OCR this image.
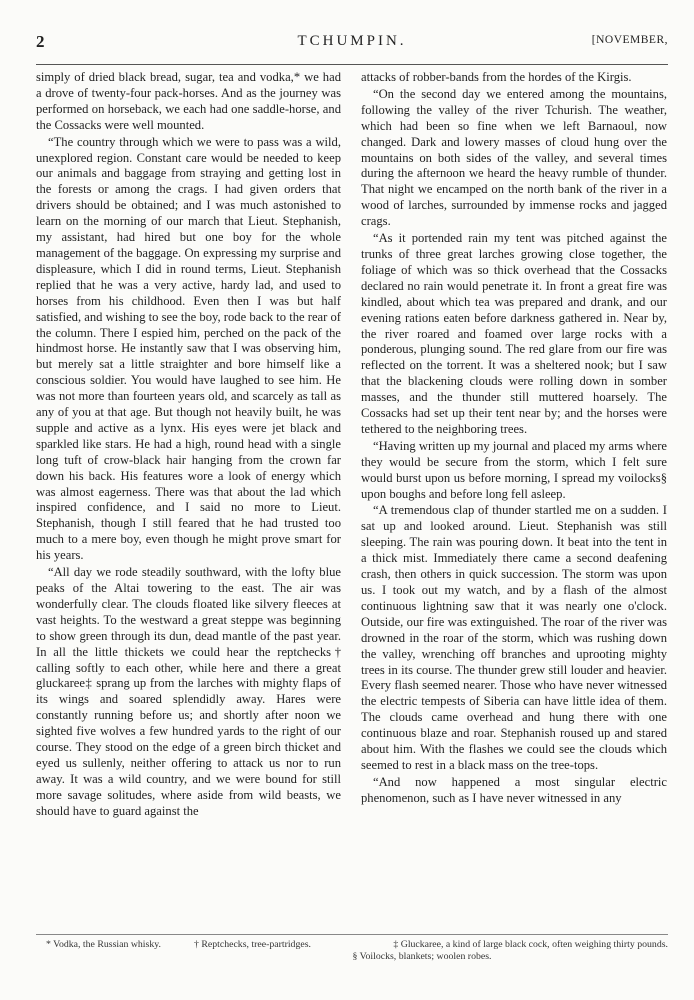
2	TCHUMPIN.	[NOVEMBER,

simply of dried black bread, sugar, tea and vodka,* we had a drove of twenty-four pack-horses. And as the journey was performed on horseback, we each had one saddle-horse, and the Cossacks were well mounted.

“The country through which we were to pass was a wild, unexplored region. Constant care would be needed to keep our animals and baggage from straying and getting lost in the forests or among the crags. I had given orders that drivers should be obtained; and I was much astonished to learn on the morning of our march that Lieut. Stephanish, my assistant, had hired but one boy for the whole management of the baggage. On expressing my surprise and displeasure, which I did in round terms, Lieut. Stephanish replied that he was a very active, hardy lad, and used to horses from his childhood. Even then I was but half satisfied, and wishing to see the boy, rode back to the rear of the column. There I espied him, perched on the pack of the hindmost horse. He instantly saw that I was observing him, but merely sat a little straighter and bore himself like a conscious soldier. You would have laughed to see him. He was not more than fourteen years old, and scarcely as tall as any of you at that age. But though not heavily built, he was supple and active as a lynx. His eyes were jet black and sparkled like stars. He had a high, round head with a single long tuft of crow-black hair hanging from the crown far down his back. His features wore a look of energy which was almost eagerness. There was that about the lad which inspired confidence, and I said no more to Lieut. Stephanish, though I still feared that he had trusted too much to a mere boy, even though he might prove smart for his years.

“All day we rode steadily southward, with the lofty blue peaks of the Altai towering to the east. The air was wonderfully clear. The clouds floated like silvery fleeces at vast heights. To the westward a great steppe was beginning to show green through its dun, dead mantle of the past year. In all the little thickets we could hear the reptchecks† calling softly to each other, while here and there a great gluckaree‡ sprang up from the larches with mighty flaps of its wings and soared splendidly away. Hares were constantly running before us; and shortly after noon we sighted five wolves a few hundred yards to the right of our course. They stood on the edge of a green birch thicket and eyed us sullenly, neither offering to attack us nor to run away. It was a wild country, and we were bound for still more savage solitudes, where aside from wild beasts, we should have to guard against the

attacks of robber-bands from the hordes of the Kirgis.

“On the second day we entered among the mountains, following the valley of the river Tchurish. The weather, which had been so fine when we left Barnaoul, now changed. Dark and lowery masses of cloud hung over the mountains on both sides of the valley, and several times during the afternoon we heard the heavy rumble of thunder. That night we encamped on the north bank of the river in a wood of larches, surrounded by immense rocks and jagged crags.

“As it portended rain my tent was pitched against the trunks of three great larches growing close together, the foliage of which was so thick overhead that the Cossacks declared no rain would penetrate it. In front a great fire was kindled, about which tea was prepared and drank, and our evening rations eaten before darkness gathered in. Near by, the river roared and foamed over large rocks with a ponderous, plunging sound. The red glare from our fire was reflected on the torrent. It was a sheltered nook; but I saw that the blackening clouds were rolling down in somber masses, and the thunder still muttered hoarsely. The Cossacks had set up their tent near by; and the horses were tethered to the neighboring trees.

“Having written up my journal and placed my arms where they would be secure from the storm, which I felt sure would burst upon us before morning, I spread my voilocks§ upon boughs and before long fell asleep.

“A tremendous clap of thunder startled me on a sudden. I sat up and looked around. Lieut. Stephanish was still sleeping. The rain was pouring down. It beat into the tent in a thick mist. Immediately there came a second deafening crash, then others in quick succession. The storm was upon us. I took out my watch, and by a flash of the almost continuous lightning saw that it was nearly one o'clock. Outside, our fire was extinguished. The roar of the river was drowned in the roar of the storm, which was rushing down the valley, wrenching off branches and uprooting mighty trees in its course. The thunder grew still louder and heavier. Every flash seemed nearer. Those who have never witnessed the electric tempests of Siberia can have little idea of them. The clouds came overhead and hung there with one continuous blaze and roar. Stephanish roused up and stared about him. With the flashes we could see the clouds which seemed to rest in a black mass on the tree-tops.

“And now happened a most singular electric phenomenon, such as I have never witnessed in any

* Vodka, the Russian whisky.	† Reptchecks, tree-partridges.	‡ Gluckaree, a kind of large black cock, often weighing thirty pounds.
§ Voilocks, blankets; woolen robes.
